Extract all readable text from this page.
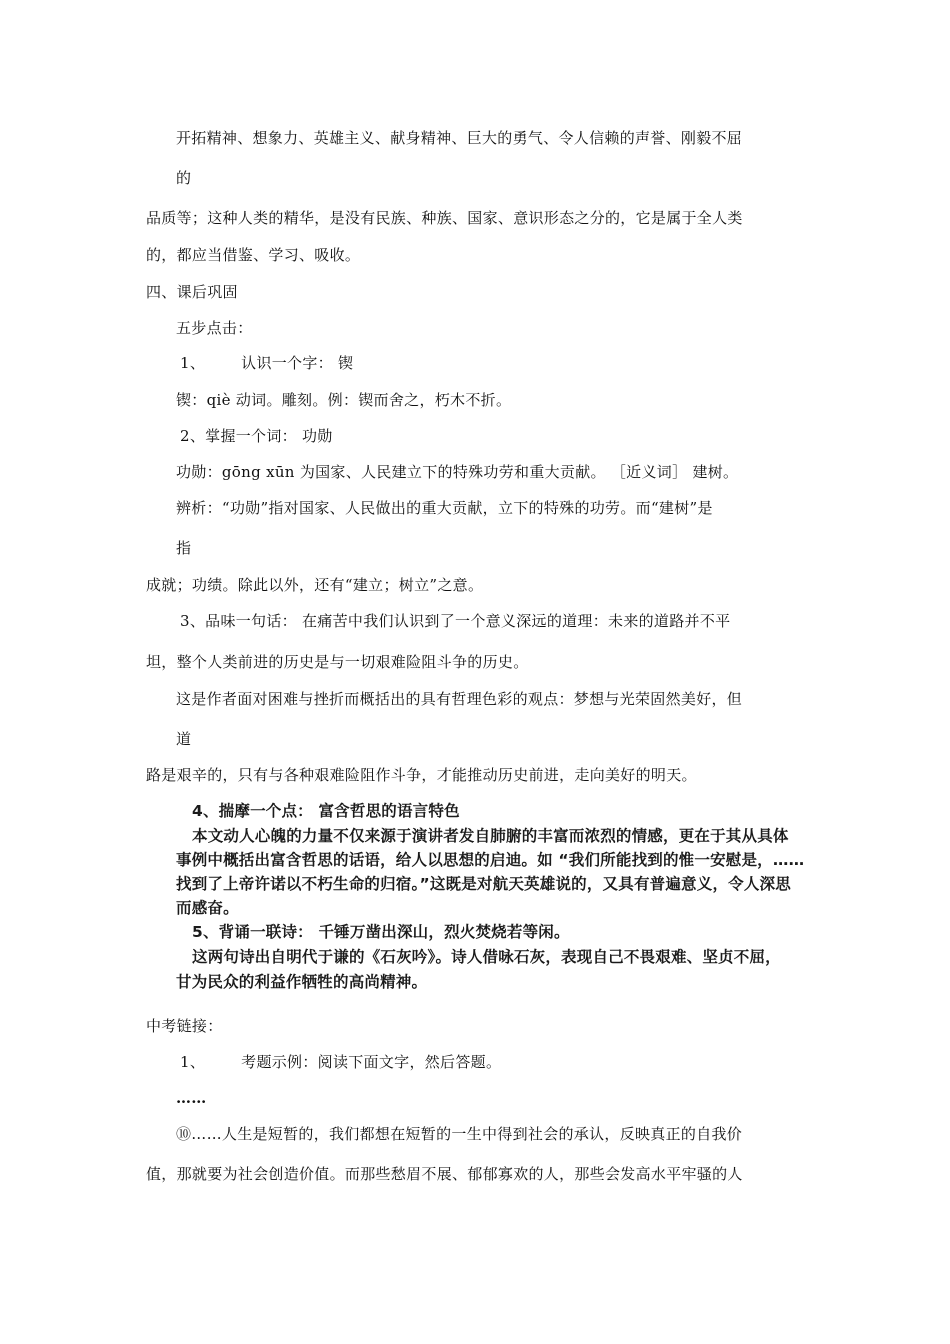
开拓精神、想象力、英雄主义、献身精神、巨大的勇气、令人信赖的声誉、刚毅不屈
的
品质等；这种人类的精华，是没有民族、种族、国家、意识形态之分的，它是属于全人类
的，都应当借鉴、学习、吸收。
四、课后巩固
五步点击：
1、 认识一个字： 锲
锲：qiè 动词。雕刻。例：锲而舍之，朽木不折。
2、掌握一个词： 功勋
功勋：gōng xūn 为国家、人民建立下的特殊功劳和重大贡献。 ［近义词］ 建树。
辨析：“功勋”指对国家、人民做出的重大贡献，立下的特殊的功劳。而“建树”是
指
成就；功绩。除此以外，还有“建立；树立”之意。
3、品味一句话： 在痛苦中我们认识到了一个意义深远的道理：未来的道路并不平
坦，整个人类前进的历史是与一切艰难险阻斗争的历史。
这是作者面对困难与挫折而概括出的具有哲理色彩的观点：梦想与光荣固然美好，但
道
路是艰辛的，只有与各种艰难险阻作斗争，才能推动历史前进，走向美好的明天。
4、揣摩一个点： 富含哲思的语言特色
本文动人心魄的力量不仅来源于演讲者发自肺腑的丰富而浓烈的情感，更在于其从具体
事例中概括出富含哲思的话语，给人以思想的启迪。如 “我们所能找到的惟一安慰是，……
找到了上帝许诺以不朽生命的归宿。”这既是对航天英雄说的，又具有普遍意义，令人深思
而感奋。
5、背诵一联诗： 千锤万凿出深山，烈火焚烧若等闲。
这两句诗出自明代于谦的《石灰吟》。诗人借咏石灰，表现自己不畏艰难、坚贞不屈，
甘为民众的利益作牺牲的高尚精神。
中考链接：
1、 考题示例：阅读下面文字，然后答题。
……
⑩……人生是短暂的，我们都想在短暂的一生中得到社会的承认，反映真正的自我价
值，那就要为社会创造价值。而那些愁眉不展、郁郁寡欢的人，那些会发高水平牢骚的人
